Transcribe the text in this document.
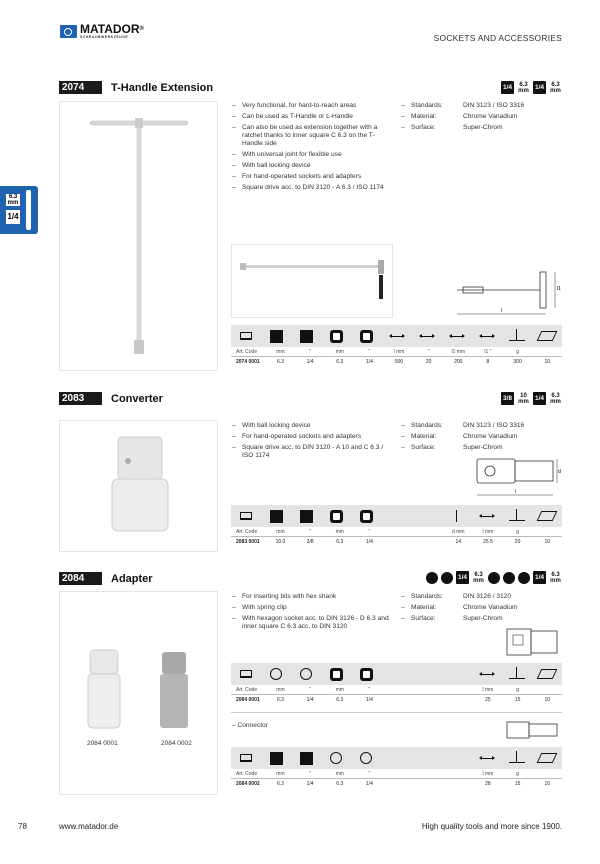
MATADOR®
SCHRAUBWERKZEUGE	SOCKETS AND ACCESSORIES
6.3
mm
1/4
2074	T-Handle Extension	1/4	6.3
mm 1/4	6.3
mm
– Very functional, for hard-to-reach areas
– Can be used as T-Handle or L-Handle
– Can also be used as extension together with a ratchet thanks to inner square C 6.3 on the T-Handle side
– With universal joint for flexible use
– With ball locking device
– For hand-operated sockets and adapters
– Square drive acc. to DIN 3120 - A 6.3 / ISO 1174
– Standards:	DIN 3123 / ISO 3316
– Material:	Chrome Vanadium
– Surface:	Super-Chrom
l
l1
Art. Code	mm	"	mm	"	l mm	"	l1 mm	l1 "	g
2074 0001	6.3	1/4	6.3	1/4	500	20	200	8	300	10
2083	Converter	3/8	10
mm 1/4	6.3
mm
– With ball locking device
– For hand-operated sockets and adapters
– Square drive acc. to DIN 3120 - A 10 and C 6.3 / ISO 1174
– Standards:	DIN 3123 / ISO 3316
– Material:	Chrome Vanadium
– Surface:	Super-Chrom
l
d
Art. Code	mm	"	mm	"	d mm	l mm	g
2083 0001	10.0	3/8	6.3	1/4	14	25.5	20	10
2084	Adapter	1/4	6.3
mm	1/4	6.3
mm
2084 0001	2084 0002
– For inserting bits with hex shank
– With spring clip
– With hexagon socket acc. to DIN 3126 - D 6.3 and inner square C 6.3 acc. to DIN 3120
– Standards:	DIN 3126 / 3120
– Material:	Chrome Vanadium
– Surface:	Super-Chrom
Art. Code	mm	"	mm	"	l mm	g
2084 0001	6.3	1/4	6.3	1/4	25	15	10
– Connector
Art. Code	mm	"	mm	"	l mm	g
2084 0002	6.3	1/4	6.3	1/4	28	15	10
78	www.matador.de	High quality tools and more since 1900.
